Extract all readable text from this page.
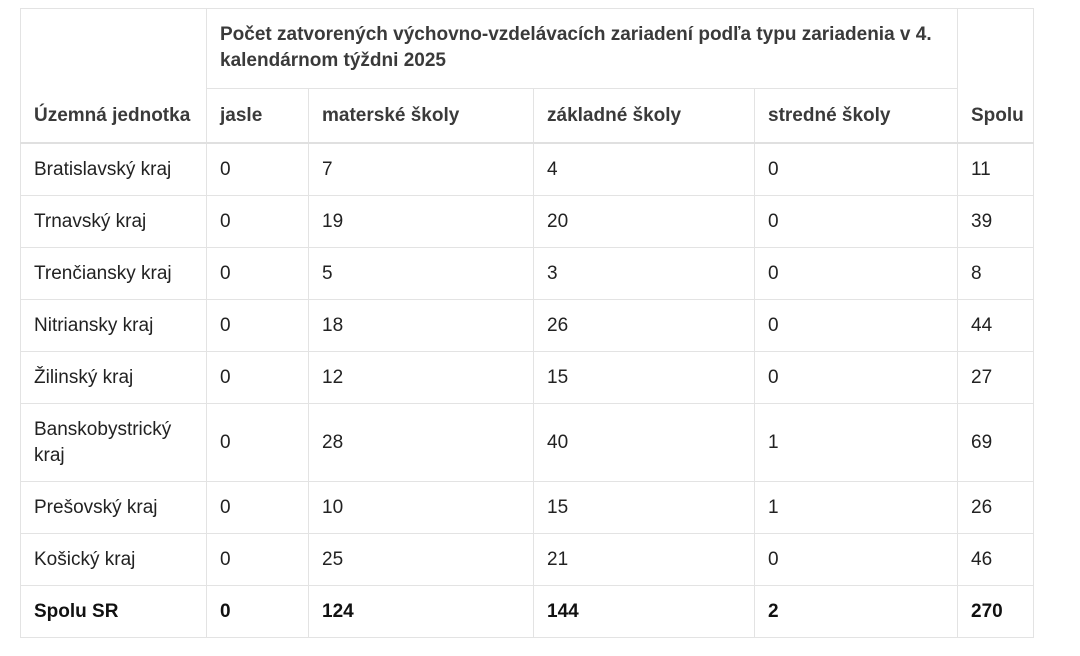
Územná jednotka	Počet zatvorených výchovno-vzdelávacích zariadení podľa typu zariadenia v 4. kalendárnom týždni 2025				Spolu
	jasle	materské školy	základné školy	stredné školy	
Bratislavský kraj	0	7	4	0	11
Trnavský kraj	0	19	20	0	39
Trenčiansky kraj	0	5	3	0	8
Nitriansky kraj	0	18	26	0	44
Žilinský kraj	0	12	15	0	27
Banskobystrický kraj	0	28	40	1	69
Prešovský kraj	0	10	15	1	26
Košický kraj	0	25	21	0	46
Spolu SR	0	124	144	2	270
